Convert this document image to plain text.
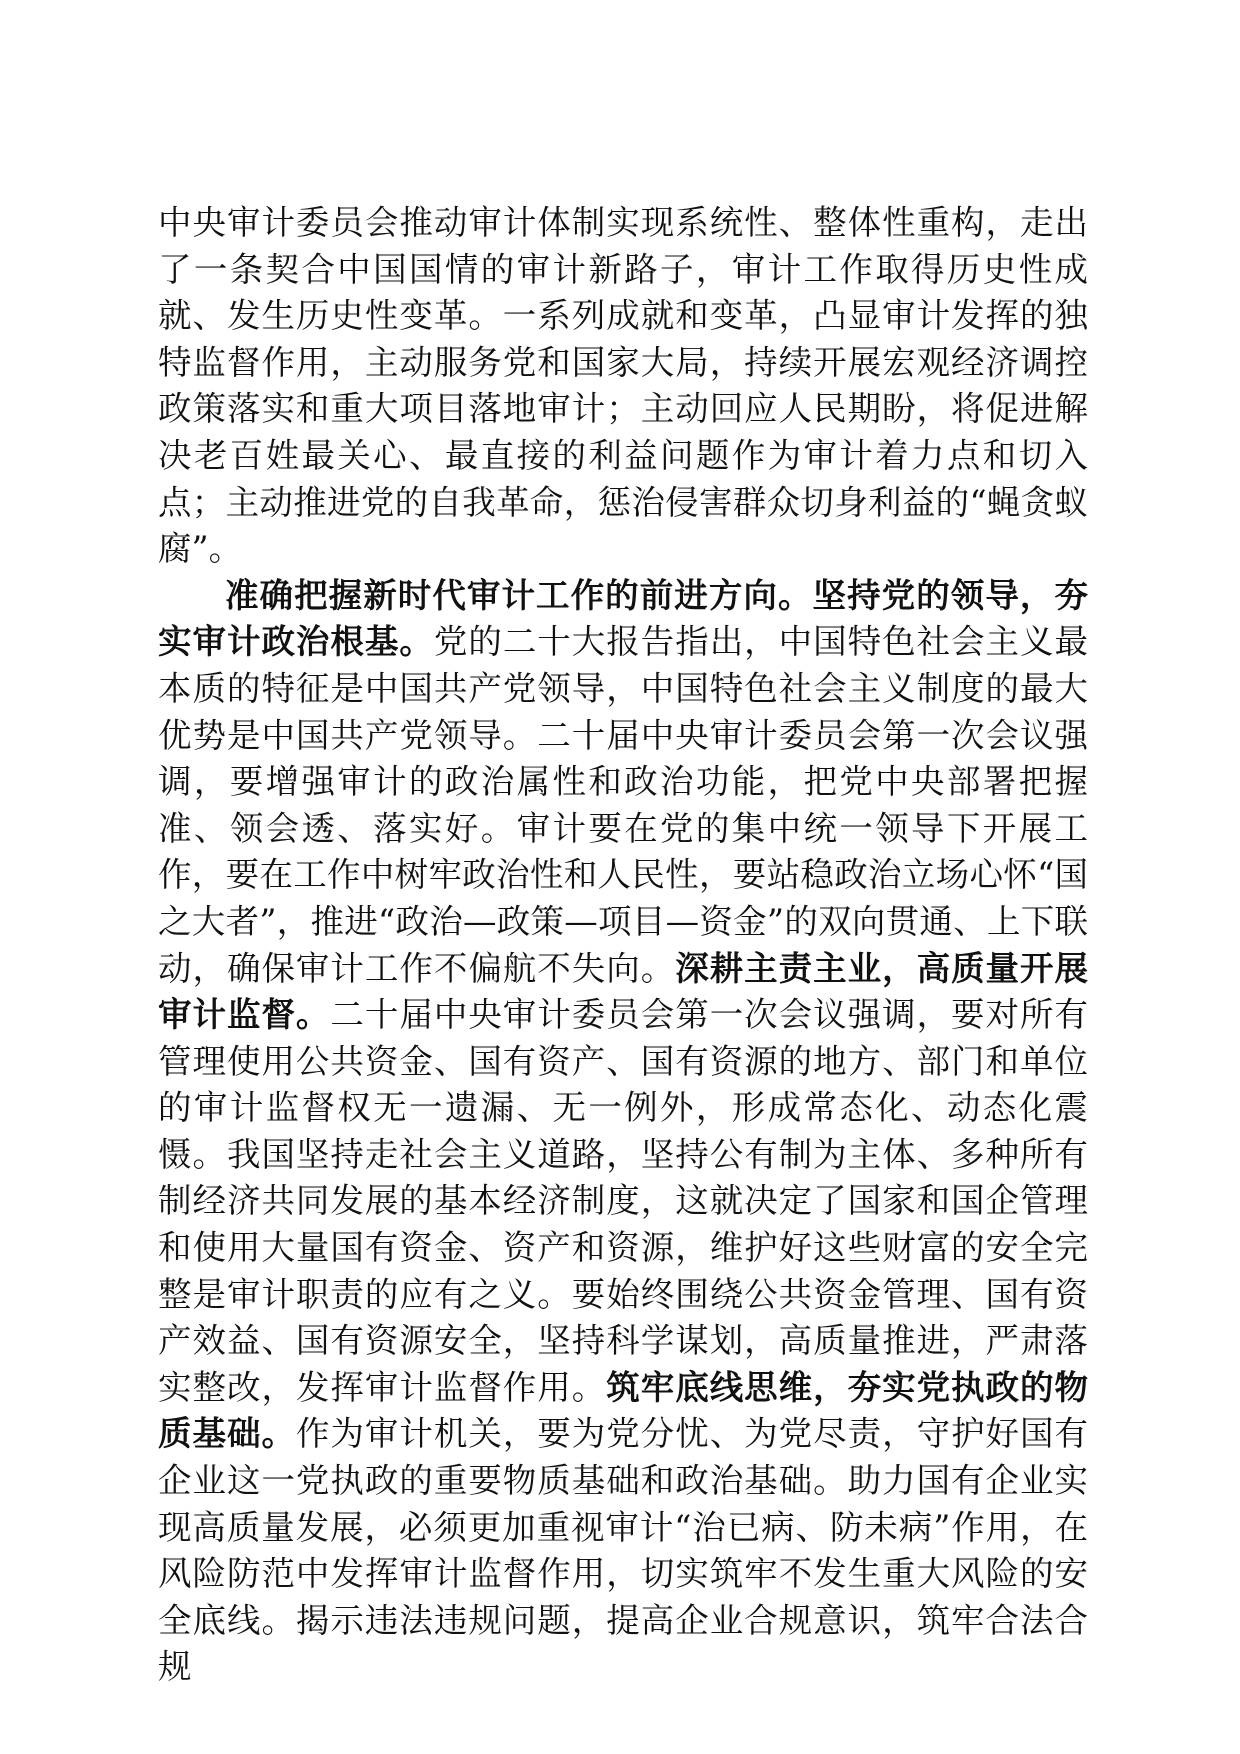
中央审计委员会推动审计体制实现系统性、整体性重构，走出了一条契合中国国情的审计新路子，审计工作取得历史性成就、发生历史性变革。一系列成就和变革，凸显审计发挥的独特监督作用，主动服务党和国家大局，持续开展宏观经济调控政策落实和重大项目落地审计；主动回应人民期盼，将促进解决老百姓最关心、最直接的利益问题作为审计着力点和切入点；主动推进党的自我革命，惩治侵害群众切身利益的“蝇贪蚁腐”。

准确把握新时代审计工作的前进方向。坚持党的领导，夯实审计政治根基。党的二十大报告指出，中国特色社会主义最本质的特征是中国共产党领导，中国特色社会主义制度的最大优势是中国共产党领导。二十届中央审计委员会第一次会议强调，要增强审计的政治属性和政治功能，把党中央部署把握准、领会透、落实好。审计要在党的集中统一领导下开展工作，要在工作中树牢政治性和人民性，要站稳政治立场心怀“国之大者”，推进“政治—政策—项目—资金”的双向贯通、上下联动，确保审计工作不偏航不失向。深耕主责主业，高质量开展审计监督。二十届中央审计委员会第一次会议强调，要对所有管理使用公共资金、国有资产、国有资源的地方、部门和单位的审计监督权无一遗漏、无一例外，形成常态化、动态化震慑。我国坚持走社会主义道路，坚持公有制为主体、多种所有制经济共同发展的基本经济制度，这就决定了国家和国企管理和使用大量国有资金、资产和资源，维护好这些财富的安全完整是审计职责的应有之义。要始终围绕公共资金管理、国有资产效益、国有资源安全，坚持科学谋划，高质量推进，严肃落实整改，发挥审计监督作用。筑牢底线思维，夯实党执政的物质基础。作为审计机关，要为党分忧、为党尽责，守护好国有企业这一党执政的重要物质基础和政治基础。助力国有企业实现高质量发展，必须更加重视审计“治已病、防未病”作用，在风险防范中发挥审计监督作用，切实筑牢不发生重大风险的安全底线。揭示违法违规问题，提高企业合规意识，筑牢合法合规
